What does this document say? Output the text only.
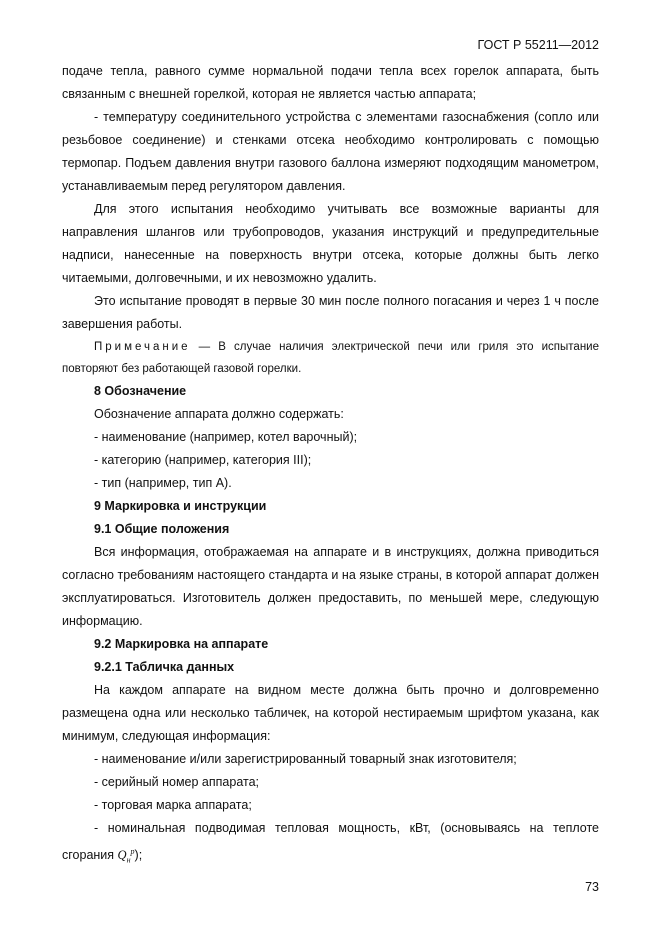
ГОСТ Р 55211—2012

подаче тепла, равного сумме нормальной подачи тепла всех горелок аппарата, быть связанным с внешней горелкой, которая не является частью аппарата;

- температуру соединительного устройства с элементами газоснабжения (сопло или резьбовое соединение) и стенками отсека необходимо контролировать с помощью термопар. Подъем давления внутри газового баллона измеряют подходящим манометром, устанавливаемым перед регулятором давления.

Для этого испытания необходимо учитывать все возможные варианты для направления шлангов или трубопроводов, указания инструкций и предупредительные надписи, нанесенные на поверхность внутри отсека, которые должны быть легко читаемыми, долговечными, и их невозможно удалить.

Это испытание проводят в первые 30 мин после полного погасания и через 1 ч после завершения работы.

Примечание — В случае наличия электрической печи или гриля это испытание повторяют без работающей газовой горелки.

8 Обозначение

Обозначение аппарата должно содержать:

- наименование (например, котел варочный);

- категорию (например, категория III);

- тип (например, тип А).

9 Маркировка и инструкции

9.1 Общие положения

Вся информация, отображаемая на аппарате и в инструкциях, должна приводиться согласно требованиям настоящего стандарта и на языке страны, в которой аппарат должен эксплуатироваться. Изготовитель должен предоставить, по меньшей мере, следующую информацию.

9.2 Маркировка на аппарате

9.2.1 Табличка данных

На каждом аппарате на видном месте должна быть прочно и долговременно размещена одна или несколько табличек, на которой нестираемым шрифтом указана, как минимум, следующая информация:

- наименование и/или зарегистрированный товарный знак изготовителя;

- серийный номер аппарата;

- торговая марка аппарата;

- номинальная подводимая тепловая мощность, кВт, (основываясь на теплоте сгорания $Q_н^р$);

73
